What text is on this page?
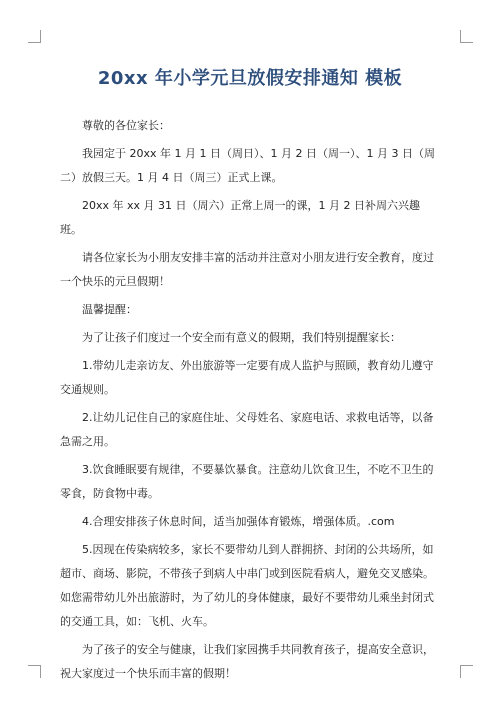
20xx 年小学元旦放假安排通知 模板

尊敬的各位家长：

我园定于 20xx 年 1 月 1 日（周日）、1 月 2 日（周一）、1 月 3 日（周二）放假三天。1 月 4 日（周三）正式上课。

20xx 年 xx 月 31 日（周六）正常上周一的课，1 月 2 日补周六兴趣班。

请各位家长为小朋友安排丰富的活动并注意对小朋友进行安全教育，度过一个快乐的元旦假期！

温馨提醒：

为了让孩子们度过一个安全而有意义的假期，我们特别提醒家长：

1.带幼儿走亲访友、外出旅游等一定要有成人监护与照顾，教育幼儿遵守交通规则。

2.让幼儿记住自己的家庭住址、父母姓名、家庭电话、求救电话等，以备急需之用。

3.饮食睡眠要有规律，不要暴饮暴食。注意幼儿饮食卫生，不吃不卫生的零食，防食物中毒。

4.合理安排孩子休息时间，适当加强体育锻炼，增强体质。.com

5.因现在传染病较多，家长不要带幼儿到人群拥挤、封闭的公共场所，如超市、商场、影院，不带孩子到病人中串门或到医院看病人，避免交叉感染。如您需带幼儿外出旅游时，为了幼儿的身体健康，最好不要带幼儿乘坐封闭式的交通工具，如：飞机、火车。

为了孩子的安全与健康，让我们家园携手共同教育孩子，提高安全意识，祝大家度过一个快乐而丰富的假期！
